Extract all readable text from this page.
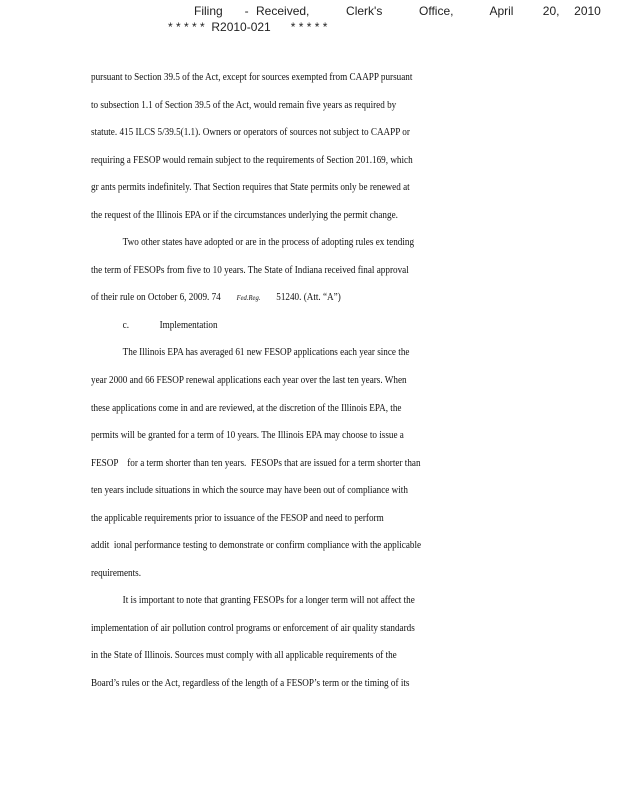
Filing   - Received,     Clerk's     Office,     April    20,  2010
* * * * *  R2010-021      * * * * *
pursuant to Section 39.5 of the Act, except for sources exempted from CAAPP pursuant
to subsection 1.1 of Section 39.5 of the Act, would remain five years as required by
statute. 415 ILCS 5/39.5(1.1). Owners or operators of sources not subject to CAAPP or
requiring a FESOP would remain subject to the requirements of Section 201.169, which
gr ants permits indefinitely. That Section requires that State permits only be renewed at
the request of the Illinois EPA or if the circumstances underlying the permit change.
Two other states have adopted or are in the process of adopting rules ex tending
the term of FESOPs from five to 10 years. The State of Indiana received final approval
of their rule on October 6, 2009. 74 Fed.Reg. 51240. (Att. “A”)
c.	Implementation
The Illinois EPA has averaged 61 new FESOP applications each year since the
year 2000 and 66 FESOP renewal applications each year over the last ten years. When
these applications come in and are reviewed, at the discretion of the Illinois EPA, the
permits will be granted for a term of 10 years. The Illinois EPA may choose to issue a
FESOP    for a term shorter than ten years.  FESOPs that are issued for a term shorter than
ten years include situations in which the source may have been out of compliance with
the applicable requirements prior to issuance of the FESOP and need to perform
addit  ional performance testing to demonstrate or confirm compliance with the applicable
requirements.
It is important to note that granting FESOPs for a longer term will not affect the
implementation of air pollution control programs or enforcement of air quality standards
in the State of Illinois. Sources must comply with all applicable requirements of the
Board’s rules or the Act, regardless of the length of a FESOP’s term or the timing of its
